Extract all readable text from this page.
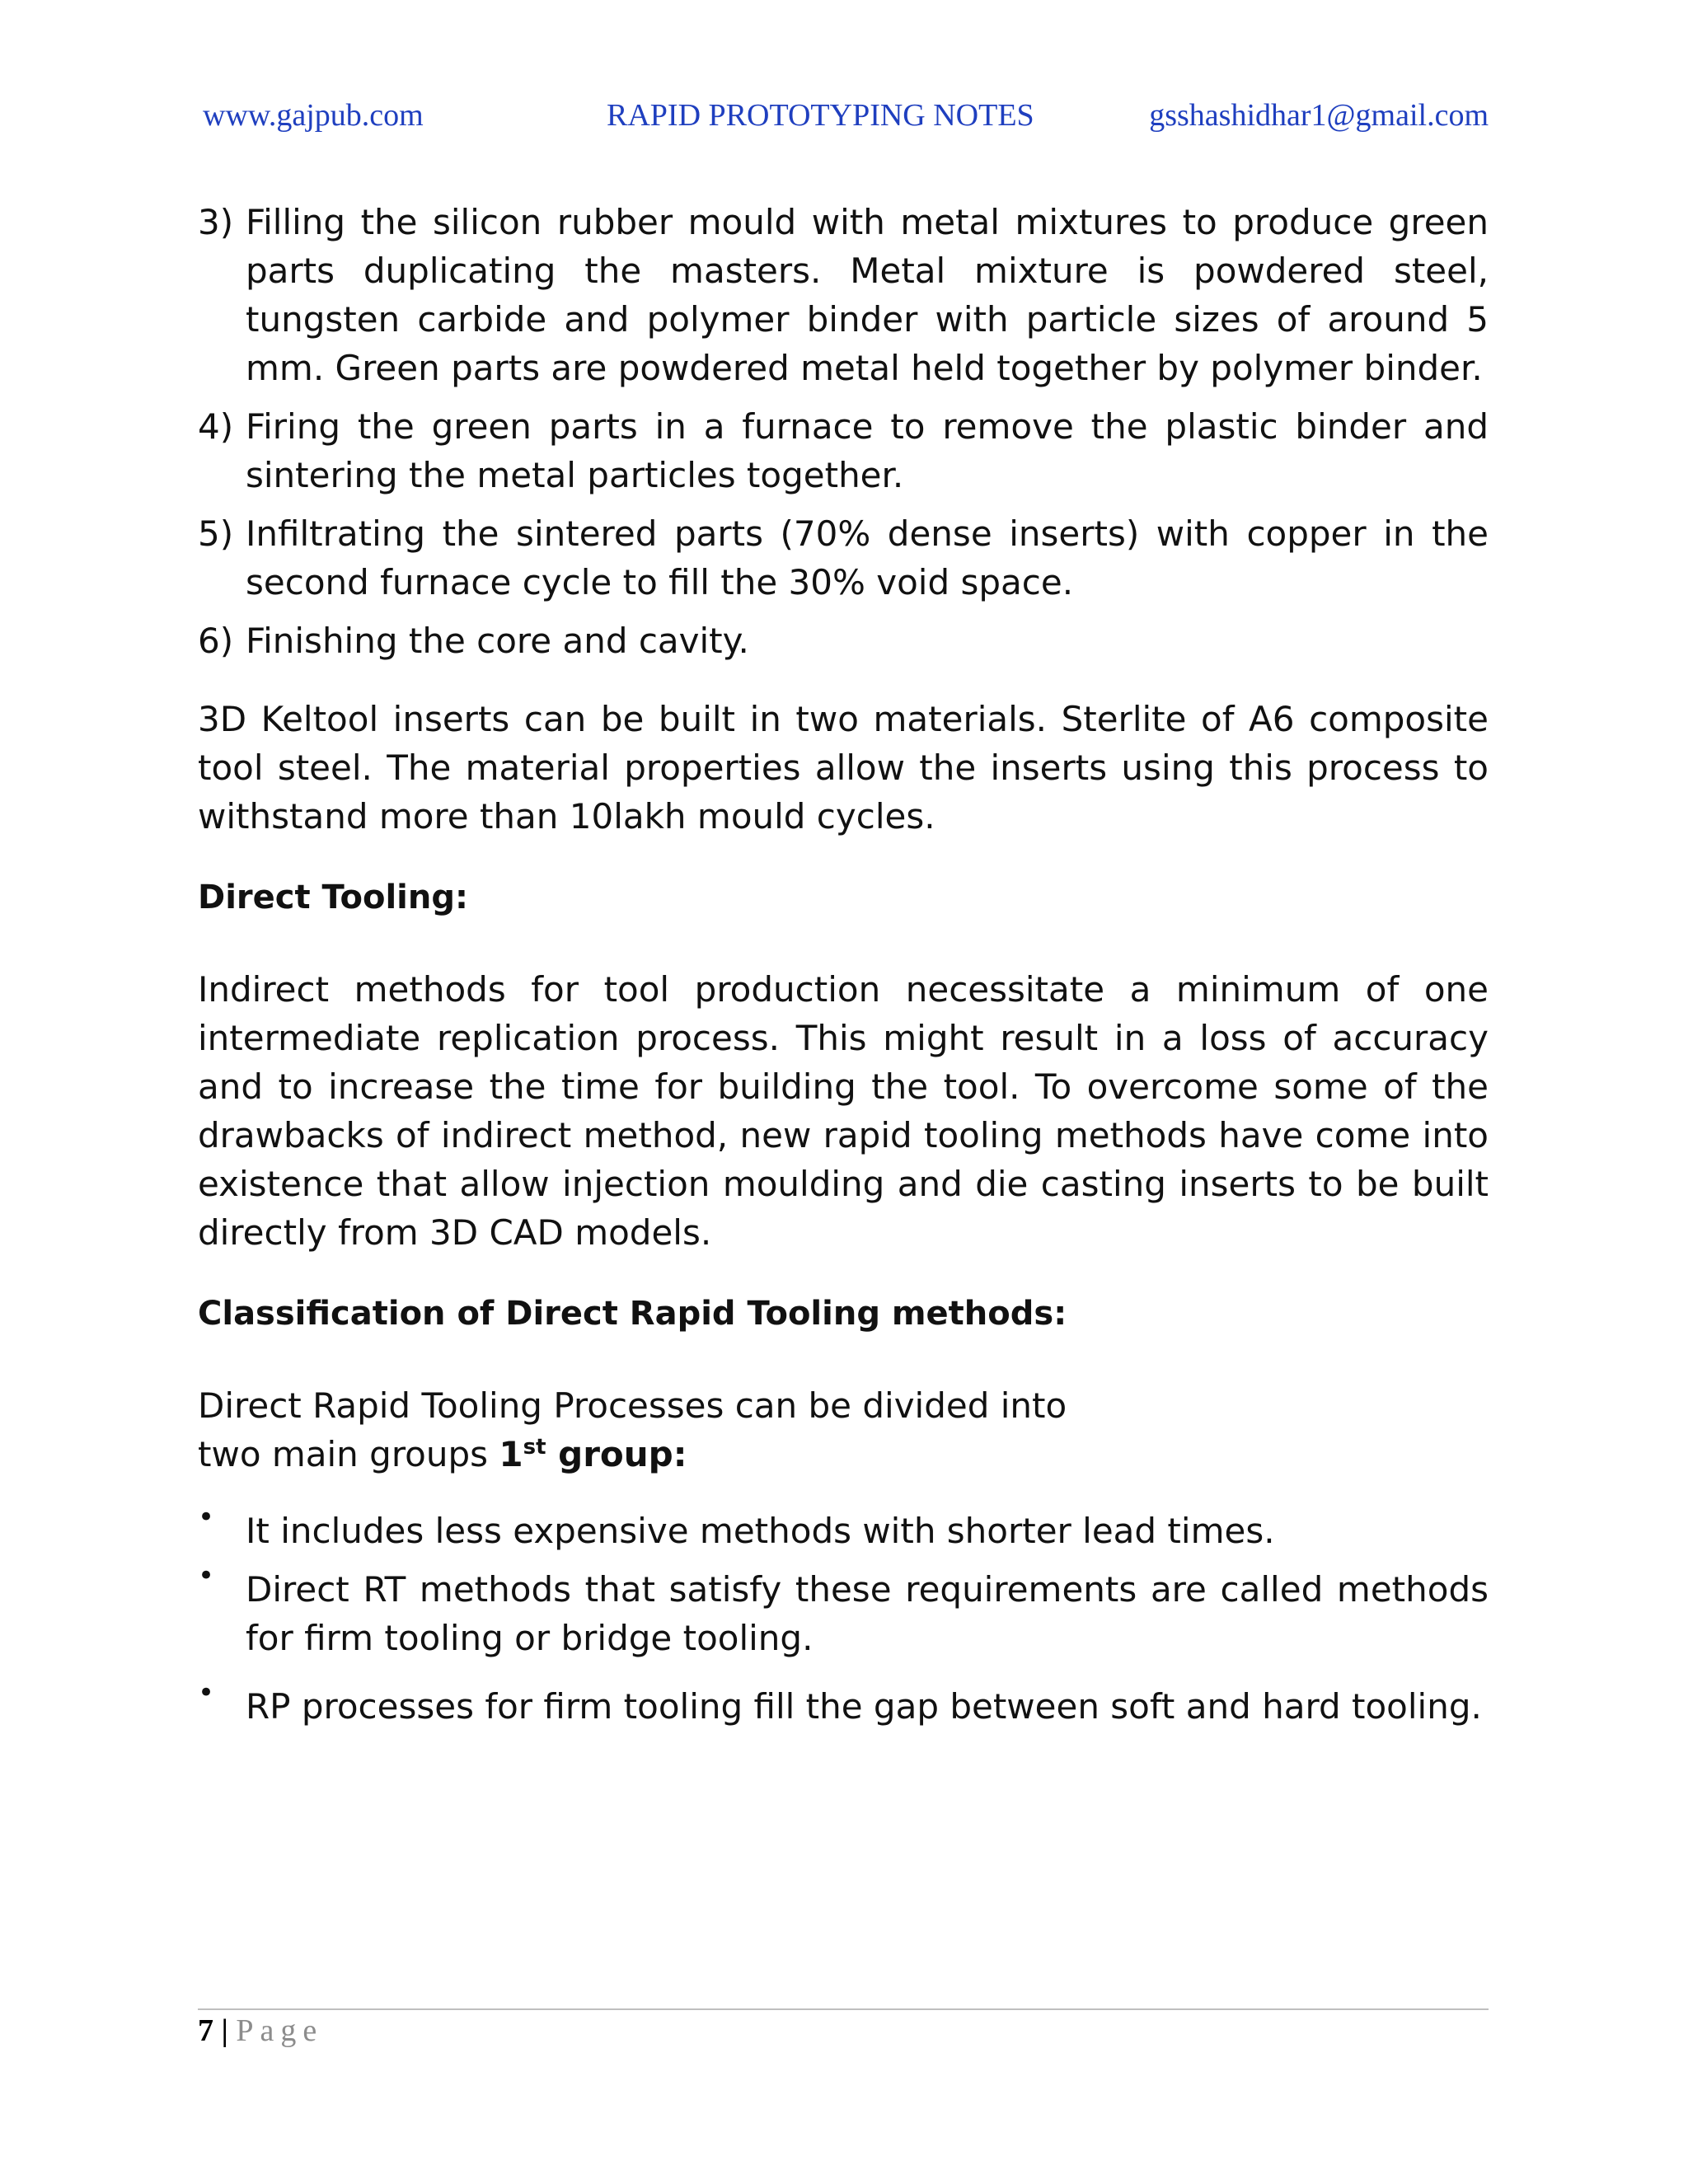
www.gajpub.com	RAPID PROTOTYPING NOTES	gsshashidhar1@gmail.com
3) Filling the silicon rubber mould with metal mixtures to produce green parts duplicating the masters. Metal mixture is powdered steel, tungsten carbide and polymer binder with particle sizes of around 5 mm. Green parts are powdered metal held together by polymer binder.
4) Firing the green parts in a furnace to remove the plastic binder and sintering the metal particles together.
5) Infiltrating the sintered parts (70% dense inserts) with copper in the second furnace cycle to fill the 30% void space.
6) Finishing the core and cavity.

3D Keltool inserts can be built in two materials. Sterlite of A6 composite tool steel. The material properties allow the inserts using this process to withstand more than 10lakh mould cycles.

Direct Tooling:

Indirect methods for tool production necessitate a minimum of one intermediate replication process. This might result in a loss of accuracy and to increase the time for building the tool. To overcome some of the drawbacks of indirect method, new rapid tooling methods have come into existence that allow injection moulding and die casting inserts to be built directly from 3D CAD models.

Classification of Direct Rapid Tooling methods:

Direct Rapid Tooling Processes can be divided into
two main groups 1st group:

• It includes less expensive methods with shorter lead times.
• Direct RT methods that satisfy these requirements are called methods for firm tooling or bridge tooling.
• RP processes for firm tooling fill the gap between soft and hard tooling.
7 | Page
